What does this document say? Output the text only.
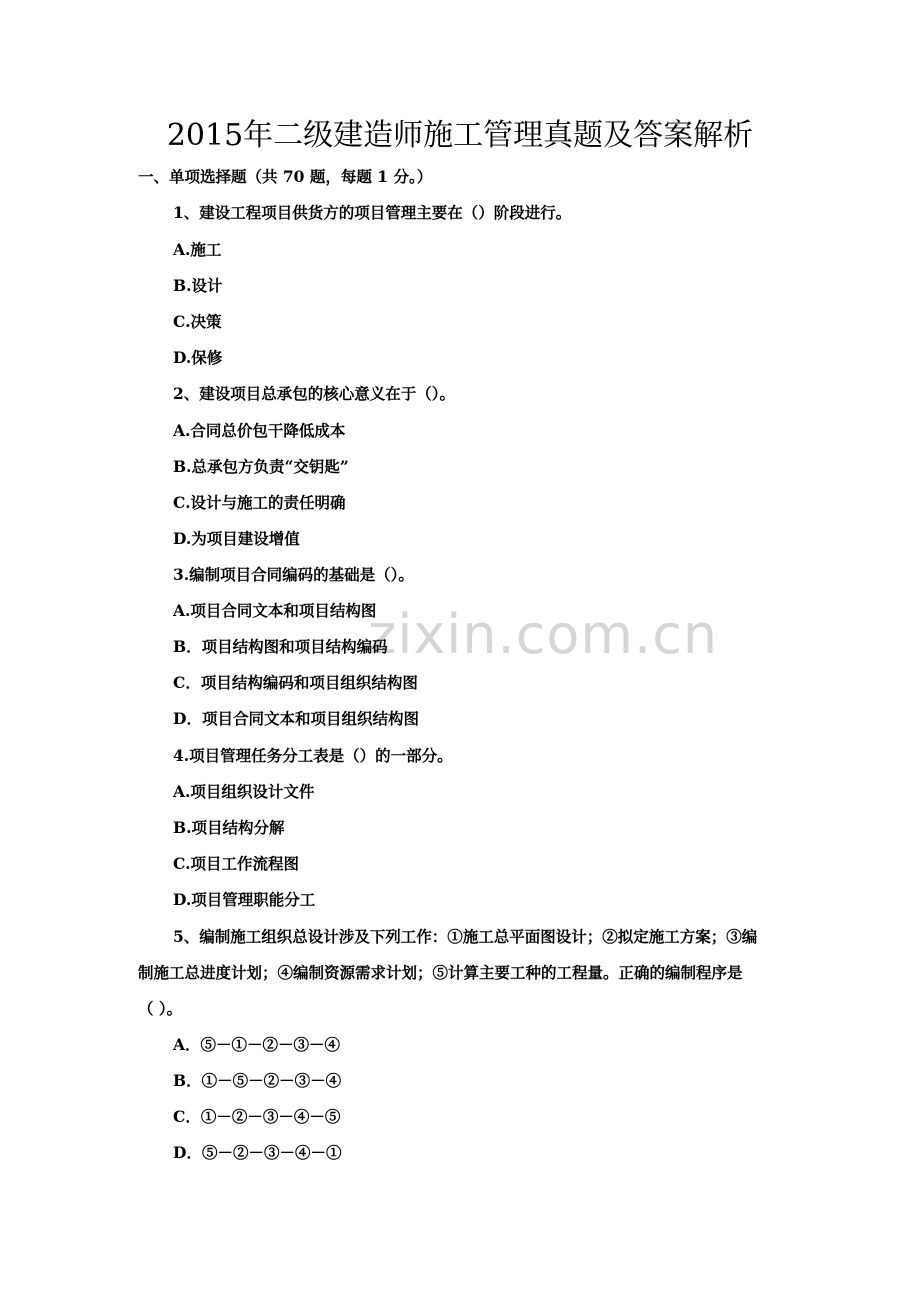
zixin.com.cn
2015年二级建造师施工管理真题及答案解析
一、单项选择题（共 70 题，每题 1 分。）
1、建设工程项目供货方的项目管理主要在（）阶段进行。
A.施工
B.设计
C.决策
D.保修
2、建设项目总承包的核心意义在于（）。
A.合同总价包干降低成本
B.总承包方负责“交钥匙”
C.设计与施工的责任明确
D.为项目建设增值
3.编制项目合同编码的基础是（）。
A.项目合同文本和项目结构图
B．项目结构图和项目结构编码
C．项目结构编码和项目组织结构图
D．项目合同文本和项目组织结构图
4.项目管理任务分工表是（）的一部分。
A.项目组织设计文件
B.项目结构分解
C.项目工作流程图
D.项目管理职能分工
5、编制施工组织总设计涉及下列工作：①施工总平面图设计；②拟定施工方案；③编
制施工总进度计划；④编制资源需求计划；⑤计算主要工种的工程量。正确的编制程序是
（ ）。
A．⑤－①－②－③－④
B．①－⑤－②－③－④
C．①－②－③－④－⑤
D．⑤－②－③－④－①
